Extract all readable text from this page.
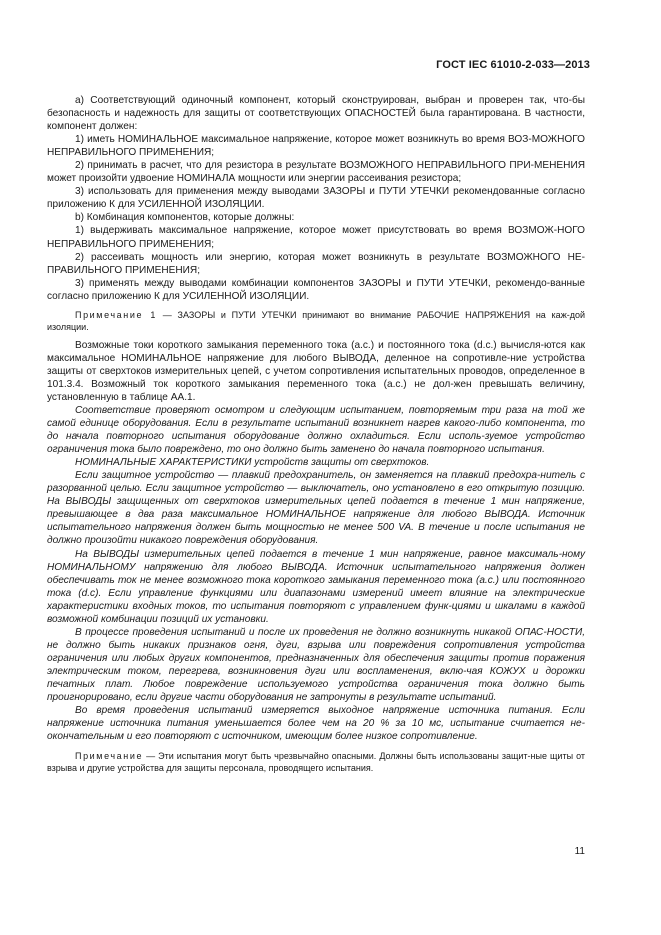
ГОСТ IEC 61010-2-033—2013

а) Соответствующий одиночный компонент, который сконструирован, выбран и проверен так, что-бы безопасность и надежность для защиты от соответствующих ОПАСНОСТЕЙ была гарантирована. В частности, компонент должен:

1) иметь НОМИНАЛЬНОЕ максимальное напряжение, которое может возникнуть во время ВОЗ-МОЖНОГО НЕПРАВИЛЬНОГО ПРИМЕНЕНИЯ;

2) принимать в расчет, что для резистора в результате ВОЗМОЖНОГО НЕПРАВИЛЬНОГО ПРИ-МЕНЕНИЯ может произойти удвоение НОМИНАЛА мощности или энергии рассеивания резистора;

3) использовать для применения между выводами ЗАЗОРЫ и ПУТИ УТЕЧКИ рекомендованные согласно приложению К для УСИЛЕННОЙ ИЗОЛЯЦИИ.

b) Комбинация компонентов, которые должны:

1) выдерживать максимальное напряжение, которое может присутствовать во время ВОЗМОЖ-НОГО НЕПРАВИЛЬНОГО ПРИМЕНЕНИЯ;

2) рассеивать мощность или энергию, которая может возникнуть в результате ВОЗМОЖНОГО НЕ-ПРАВИЛЬНОГО ПРИМЕНЕНИЯ;

3) применять между выводами комбинации компонентов ЗАЗОРЫ и ПУТИ УТЕЧКИ, рекомендо-ванные согласно приложению К для УСИЛЕННОЙ ИЗОЛЯЦИИ.

Примечание 1 — ЗАЗОРЫ и ПУТИ УТЕЧКИ принимают во внимание РАБОЧИЕ НАПРЯЖЕНИЯ на каж-дой изоляции.

Возможные токи короткого замыкания переменного тока (a.c.) и постоянного тока (d.c.) вычисля-ются как максимальное НОМИНАЛЬНОЕ напряжение для любого ВЫВОДА, деленное на сопротивле-ние устройства защиты от сверхтоков измерительных цепей, с учетом сопротивления испытательных проводов, определенное в 101.3.4. Возможный ток короткого замыкания переменного тока (а.с.) не дол-жен превышать величину, установленную в таблице AA.1.

Соответствие проверяют осмотром и следующим испытанием, повторяемым три раза на той же самой единице оборудования. Если в результате испытаний возникнет нагрев какого-либо компонента, то до начала повторного испытания оборудование должно охладиться. Если исполь-зуемое устройство ограничения тока было повреждено, то оно должно быть заменено до начала повторного испытания.

НОМИНАЛЬНЫЕ ХАРАКТЕРИСТИКИ устройств защиты от сверхтоков.

Если защитное устройство — плавкий предохранитель, он заменяется на плавкий предохра-нитель с разорванной целью. Если защитное устройство — выключатель, оно установлено в его открытую позицию. На ВЫВОДЫ защищенных от сверхтоков измерительных цепей подается в течение 1 мин напряжение, превышающее в два раза максимальное НОМИНАЛЬНОЕ напряжение для любого ВЫВОДА. Источник испытательного напряжения должен быть мощностью не менее 500 VA. В течение и после испытания не должно произойти никакого повреждения оборудования.

На ВЫВОДЫ измерительных цепей подается в течение 1 мин напряжение, равное максималь-ному НОМИНАЛЬНОМУ напряжению для любого ВЫВОДА. Источник испытательного напряжения должен обеспечивать ток не менее возможного тока короткого замыкания переменного тока (a.c.) или постоянного тока (d.c). Если управление функциями или диапазонами измерений имеет влияние на электрические характеристики входных токов, то испытания повторяют с управлением функ-циями и шкалами в каждой возможной комбинации позиций их установки.

В процессе проведения испытаний и после их проведения не должно возникнуть никакой ОПАС-НОСТИ, не должно быть никаких признаков огня, дуги, взрыва или повреждения сопротивления устройства ограничения или любых других компонентов, предназначенных для обеспечения защиты против поражения электрическим током, перегрева, возникновения дуги или воспламенения, вклю-чая КОЖУХ и дорожки печатных плат. Любое повреждение используемого устройства ограничения тока должно быть проигнорировано, если другие части оборудования не затронуты в результате испытаний.

Во время проведения испытаний измеряется выходное напряжение источника питания. Если напряжение источника питания уменьшается более чем на 20 % за 10 мс, испытание считается не-окончательным и его повторяют с источником, имеющим более низкое сопротивление.

Примечание — Эти испытания могут быть чрезвычайно опасными. Должны быть использованы защит-ные щиты от взрыва и другие устройства для защиты персонала, проводящего испытания.

11
